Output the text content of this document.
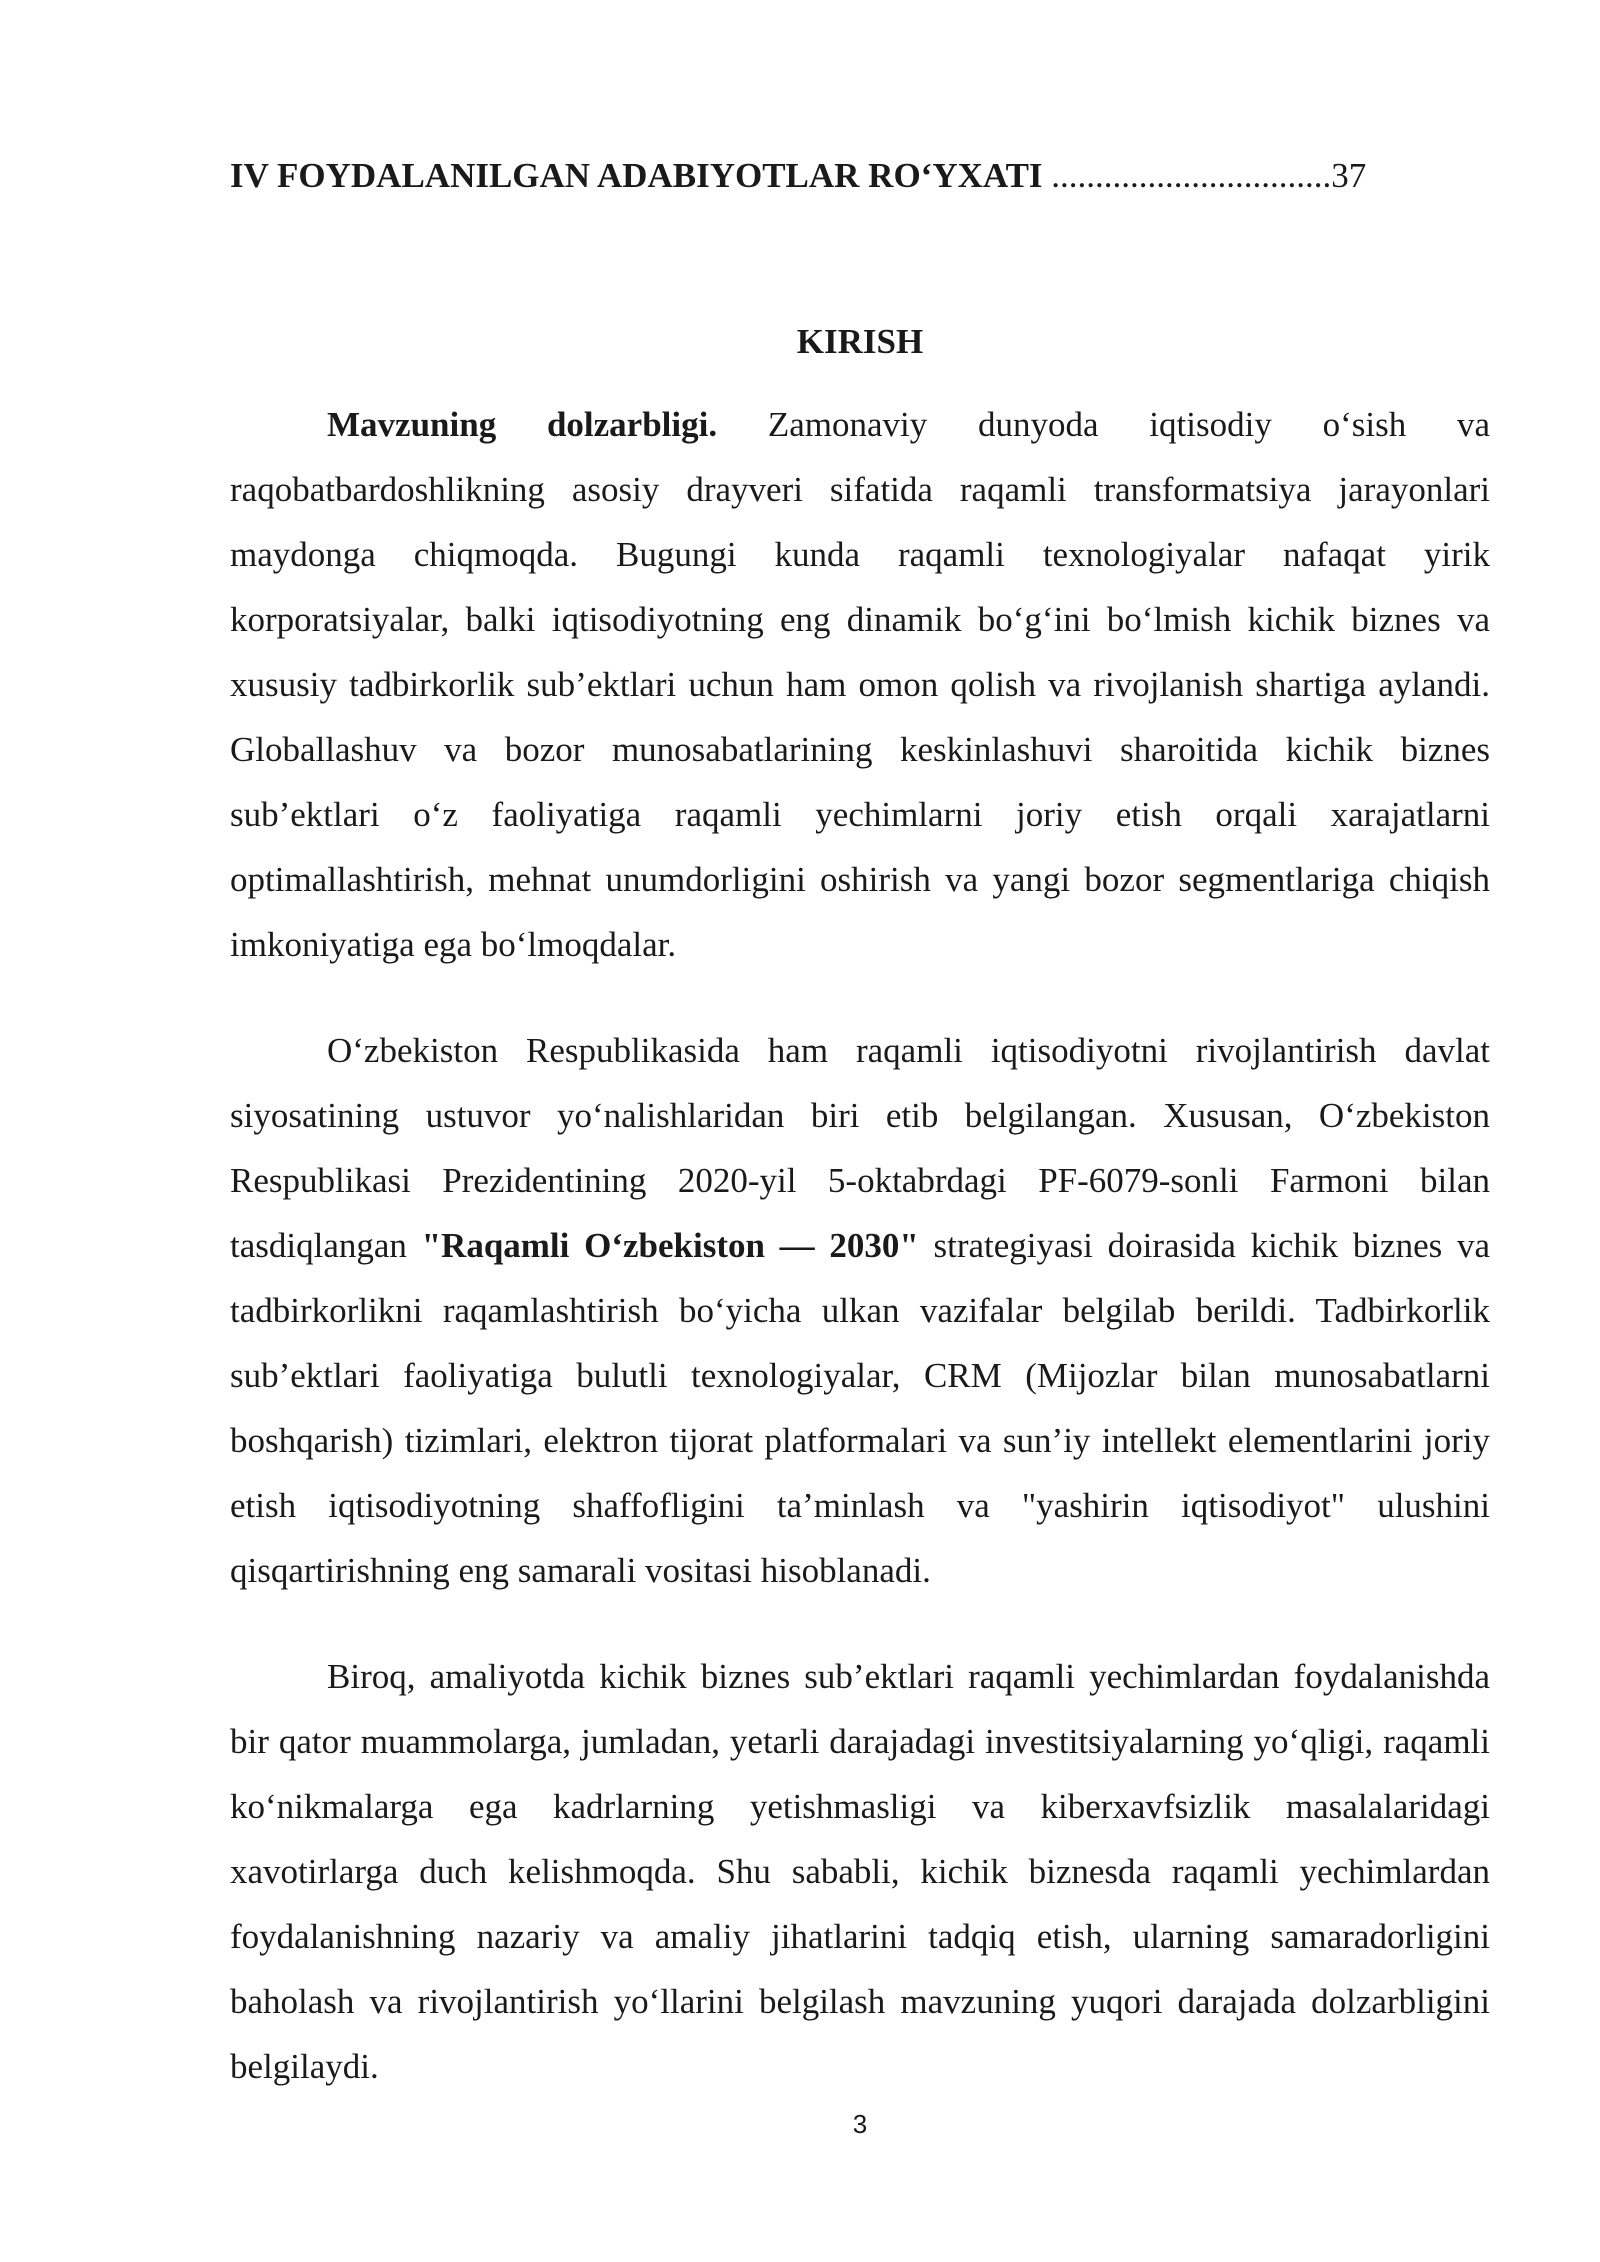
IV FOYDALANILGAN ADABIYOTLAR RO‘YXATI ................................37
KIRISH

Mavzuning dolzarbligi. Zamonaviy dunyoda iqtisodiy o‘sish va raqobatbardoshlikning asosiy drayveri sifatida raqamli transformatsiya jarayonlari maydonga chiqmoqda. Bugungi kunda raqamli texnologiyalar nafaqat yirik korporatsiyalar, balki iqtisodiyotning eng dinamik bo‘g‘ini bo‘lmish kichik biznes va xususiy tadbirkorlik sub’ektlari uchun ham omon qolish va rivojlanish shartiga aylandi. Globallashuv va bozor munosabatlarining keskinlashuvi sharoitida kichik biznes sub’ektlari o‘z faoliyatiga raqamli yechimlarni joriy etish orqali xarajatlarni optimallashtirish, mehnat unumdorligini oshirish va yangi bozor segmentlariga chiqish imkoniyatiga ega bo‘lmoqdalar.

O‘zbekiston Respublikasida ham raqamli iqtisodiyotni rivojlantirish davlat siyosatining ustuvor yo‘nalishlaridan biri etib belgilangan. Xususan, O‘zbekiston Respublikasi Prezidentining 2020-yil 5-oktabrdagi PF-6079-sonli Farmoni bilan tasdiqlangan "Raqamli O‘zbekiston — 2030" strategiyasi doirasida kichik biznes va tadbirkorlikni raqamlashtirish bo‘yicha ulkan vazifalar belgilab berildi. Tadbirkorlik sub’ektlari faoliyatiga bulutli texnologiyalar, CRM (Mijozlar bilan munosabatlarni boshqarish) tizimlari, elektron tijorat platformalari va sun’iy intellekt elementlarini joriy etish iqtisodiyotning shaffofligini ta’minlash va "yashirin iqtisodiyot" ulushini qisqartirishning eng samarali vositasi hisoblanadi.

Biroq, amaliyotda kichik biznes sub’ektlari raqamli yechimlardan foydalanishda bir qator muammolarga, jumladan, yetarli darajadagi investitsiyalarning yo‘qligi, raqamli ko‘nikmalarga ega kadrlarning yetishmasligi va kiberxavfsizlik masalalaridagi xavotirlarga duch kelishmoqda. Shu sababli, kichik biznesda raqamli yechimlardan foydalanishning nazariy va amaliy jihatlarini tadqiq etish, ularning samaradorligini baholash va rivojlantirish yo‘llarini belgilash mavzuning yuqori darajada dolzarbligini belgilaydi.

3
